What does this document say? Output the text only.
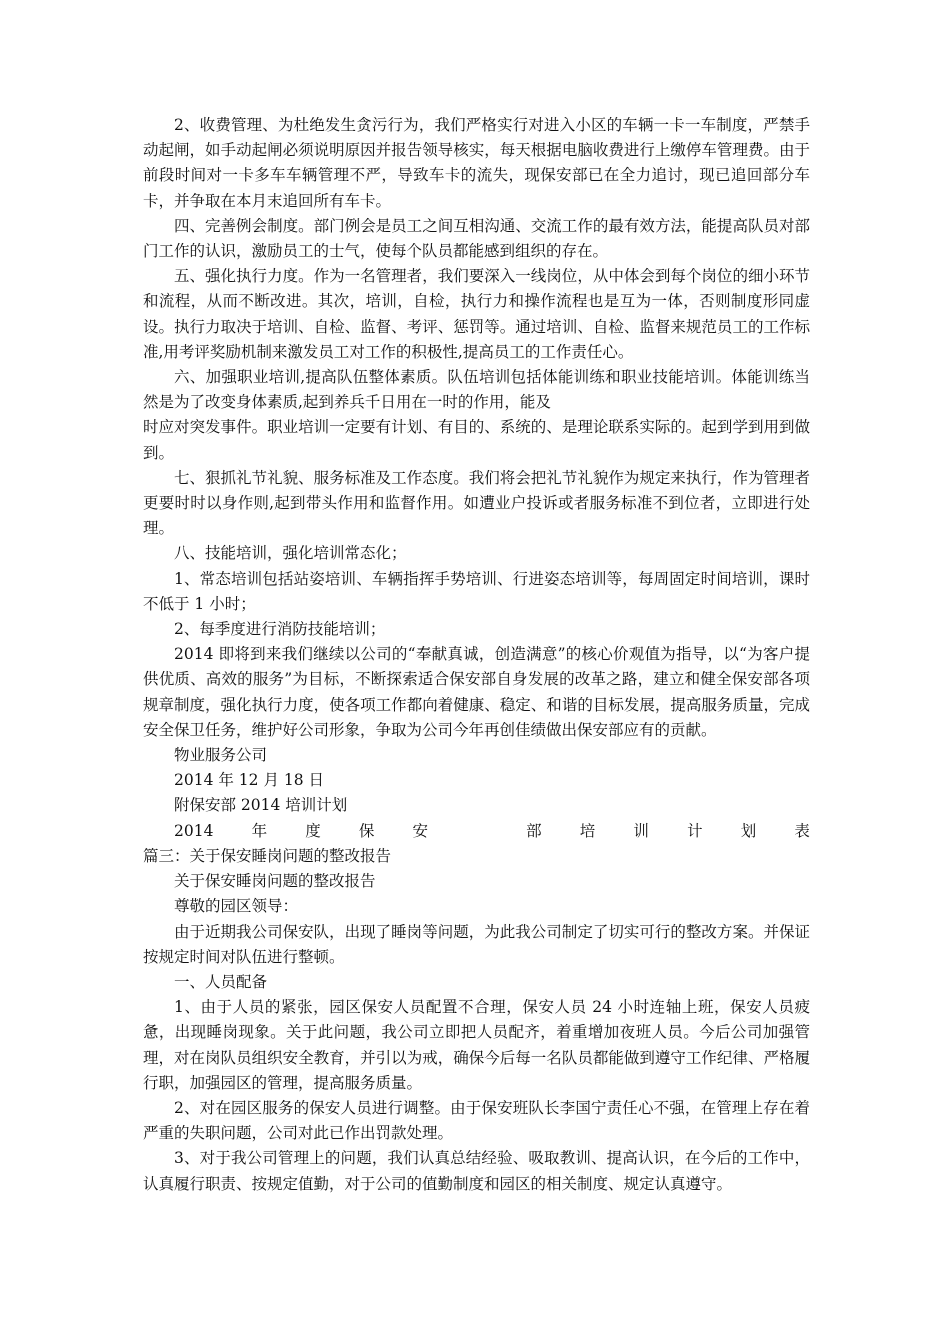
2、收费管理、为杜绝发生贪污行为，我们严格实行对进入小区的车辆一卡一车制度，严禁手动起闸，如手动起闸必须说明原因并报告领导核实，每天根据电脑收费进行上缴停车管理费。由于前段时间对一卡多车车辆管理不严，导致车卡的流失，现保安部已在全力追讨，现已追回部分车卡，并争取在本月末追回所有车卡。

四、完善例会制度。部门例会是员工之间互相沟通、交流工作的最有效方法，能提高队员对部门工作的认识，激励员工的士气，使每个队员都能感到组织的存在。

五、强化执行力度。作为一名管理者，我们要深入一线岗位，从中体会到每个岗位的细小环节和流程，从而不断改进。其次，培训，自检，执行力和操作流程也是互为一体，否则制度形同虚设。执行力取决于培训、自检、监督、考评、惩罚等。通过培训、自检、监督来规范员工的工作标准,用考评奖励机制来激发员工对工作的积极性,提高员工的工作责任心。

六、加强职业培训,提高队伍整体素质。队伍培训包括体能训练和职业技能培训。体能训练当然是为了改变身体素质,起到养兵千日用在一时的作用，能及

时应对突发事件。职业培训一定要有计划、有目的、系统的、是理论联系实际的。起到学到用到做到。

七、狠抓礼节礼貌、服务标准及工作态度。我们将会把礼节礼貌作为规定来执行，作为管理者更要时时以身作则,起到带头作用和监督作用。如遭业户投诉或者服务标准不到位者，立即进行处理。

八、技能培训，强化培训常态化；

1、常态培训包括站姿培训、车辆指挥手势培训、行进姿态培训等，每周固定时间培训，课时不低于 1 小时；

2、每季度进行消防技能培训；

2014 即将到来我们继续以公司的“奉献真诚，创造满意”的核心价观值为指导，以“为客户提供优质、高效的服务”为目标，不断探索适合保安部自身发展的改革之路，建立和健全保安部各项规章制度，强化执行力度，使各项工作都向着健康、稳定、和谐的目标发展，提高服务质量，完成安全保卫任务，维护好公司形象，争取为公司今年再创佳绩做出保安部应有的贡献。

物业服务公司

2014 年 12 月 18 日

附保安部 2014 培训计划

2014 年 度 保 安	部 培 训 计 划 表

篇三：关于保安睡岗问题的整改报告

关于保安睡岗问题的整改报告

尊敬的园区领导：

由于近期我公司保安队，出现了睡岗等问题，为此我公司制定了切实可行的整改方案。并保证按规定时间对队伍进行整顿。

一、人员配备

1、由于人员的紧张，园区保安人员配置不合理，保安人员 24 小时连轴上班，保安人员疲惫，出现睡岗现象。关于此问题，我公司立即把人员配齐，着重增加夜班人员。今后公司加强管理，对在岗队员组织安全教育，并引以为戒，确保今后每一名队员都能做到遵守工作纪律、严格履行职，加强园区的管理，提高服务质量。

2、对在园区服务的保安人员进行调整。由于保安班队长李国宁责任心不强，在管理上存在着严重的失职问题，公司对此已作出罚款处理。

3、对于我公司管理上的问题，我们认真总结经验、吸取教训、提高认识，在今后的工作中，认真履行职责、按规定值勤，对于公司的值勤制度和园区的相关制度、规定认真遵守。
